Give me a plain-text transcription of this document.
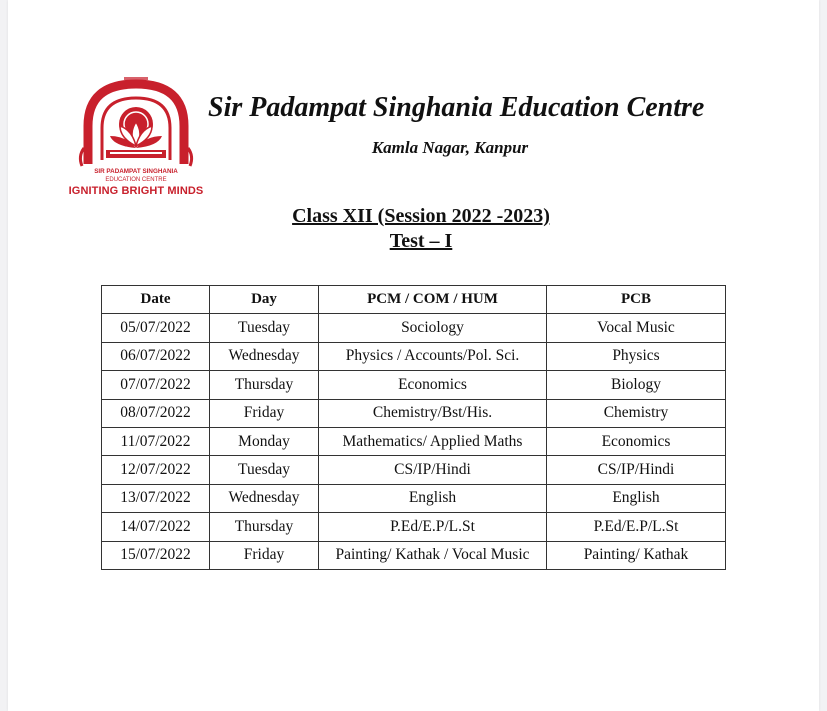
SIR PADAMPAT SINGHANIA
EDUCATION CENTRE
IGNITING BRIGHT MINDS
Sir Padampat Singhania Education Centre
Kamla Nagar, Kanpur
Class XII (Session 2022 -2023)
Test – I
Date	Day	PCM / COM / HUM	PCB
05/07/2022	Tuesday	Sociology	Vocal Music
06/07/2022	Wednesday	Physics / Accounts/Pol. Sci.	Physics
07/07/2022	Thursday	Economics	Biology
08/07/2022	Friday	Chemistry/Bst/His.	Chemistry
11/07/2022	Monday	Mathematics/ Applied Maths	Economics
12/07/2022	Tuesday	CS/IP/Hindi	CS/IP/Hindi
13/07/2022	Wednesday	English	English
14/07/2022	Thursday	P.Ed/E.P/L.St	P.Ed/E.P/L.St
15/07/2022	Friday	Painting/ Kathak / Vocal Music	Painting/ Kathak
